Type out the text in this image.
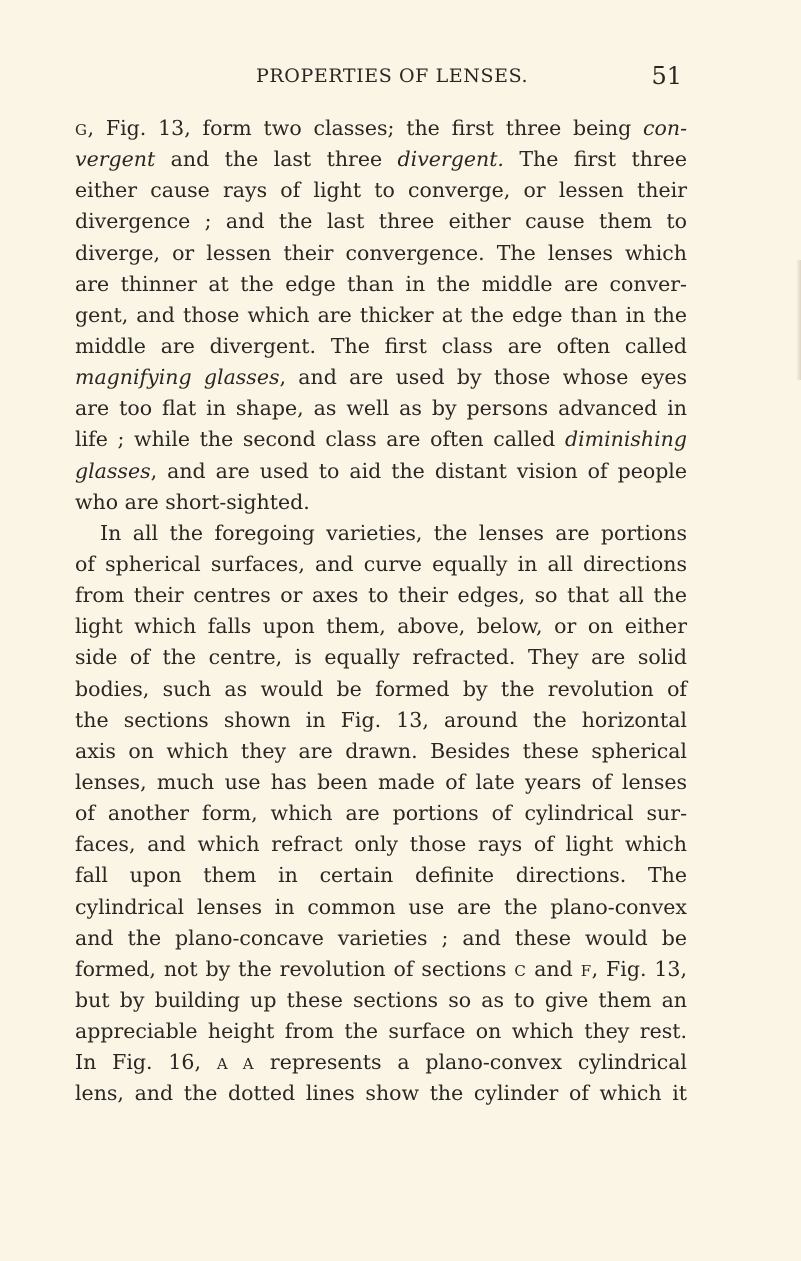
PROPERTIES OF LENSES.	51
G, Fig. 13, form two classes; the first three being con-
vergent and the last three divergent. The first three
either cause rays of light to converge, or lessen their
divergence ; and the last three either cause them to
diverge, or lessen their convergence. The lenses which
are thinner at the edge than in the middle are conver-
gent, and those which are thicker at the edge than in the
middle are divergent. The first class are often called
magnifying glasses, and are used by those whose eyes
are too flat in shape, as well as by persons advanced in
life ; while the second class are often called diminishing
glasses, and are used to aid the distant vision of people
who are short-sighted.
In all the foregoing varieties, the lenses are portions
of spherical surfaces, and curve equally in all directions
from their centres or axes to their edges, so that all the
light which falls upon them, above, below, or on either
side of the centre, is equally refracted. They are solid
bodies, such as would be formed by the revolution of
the sections shown in Fig. 13, around the horizontal
axis on which they are drawn. Besides these spherical
lenses, much use has been made of late years of lenses
of another form, which are portions of cylindrical sur-
faces, and which refract only those rays of light which
fall upon them in certain definite directions. The
cylindrical lenses in common use are the plano-convex
and the plano-concave varieties ; and these would be
formed, not by the revolution of sections C and F, Fig. 13,
but by building up these sections so as to give them an
appreciable height from the surface on which they rest.
In Fig. 16, A A represents a plano-convex cylindrical
lens, and the dotted lines show the cylinder of which it
